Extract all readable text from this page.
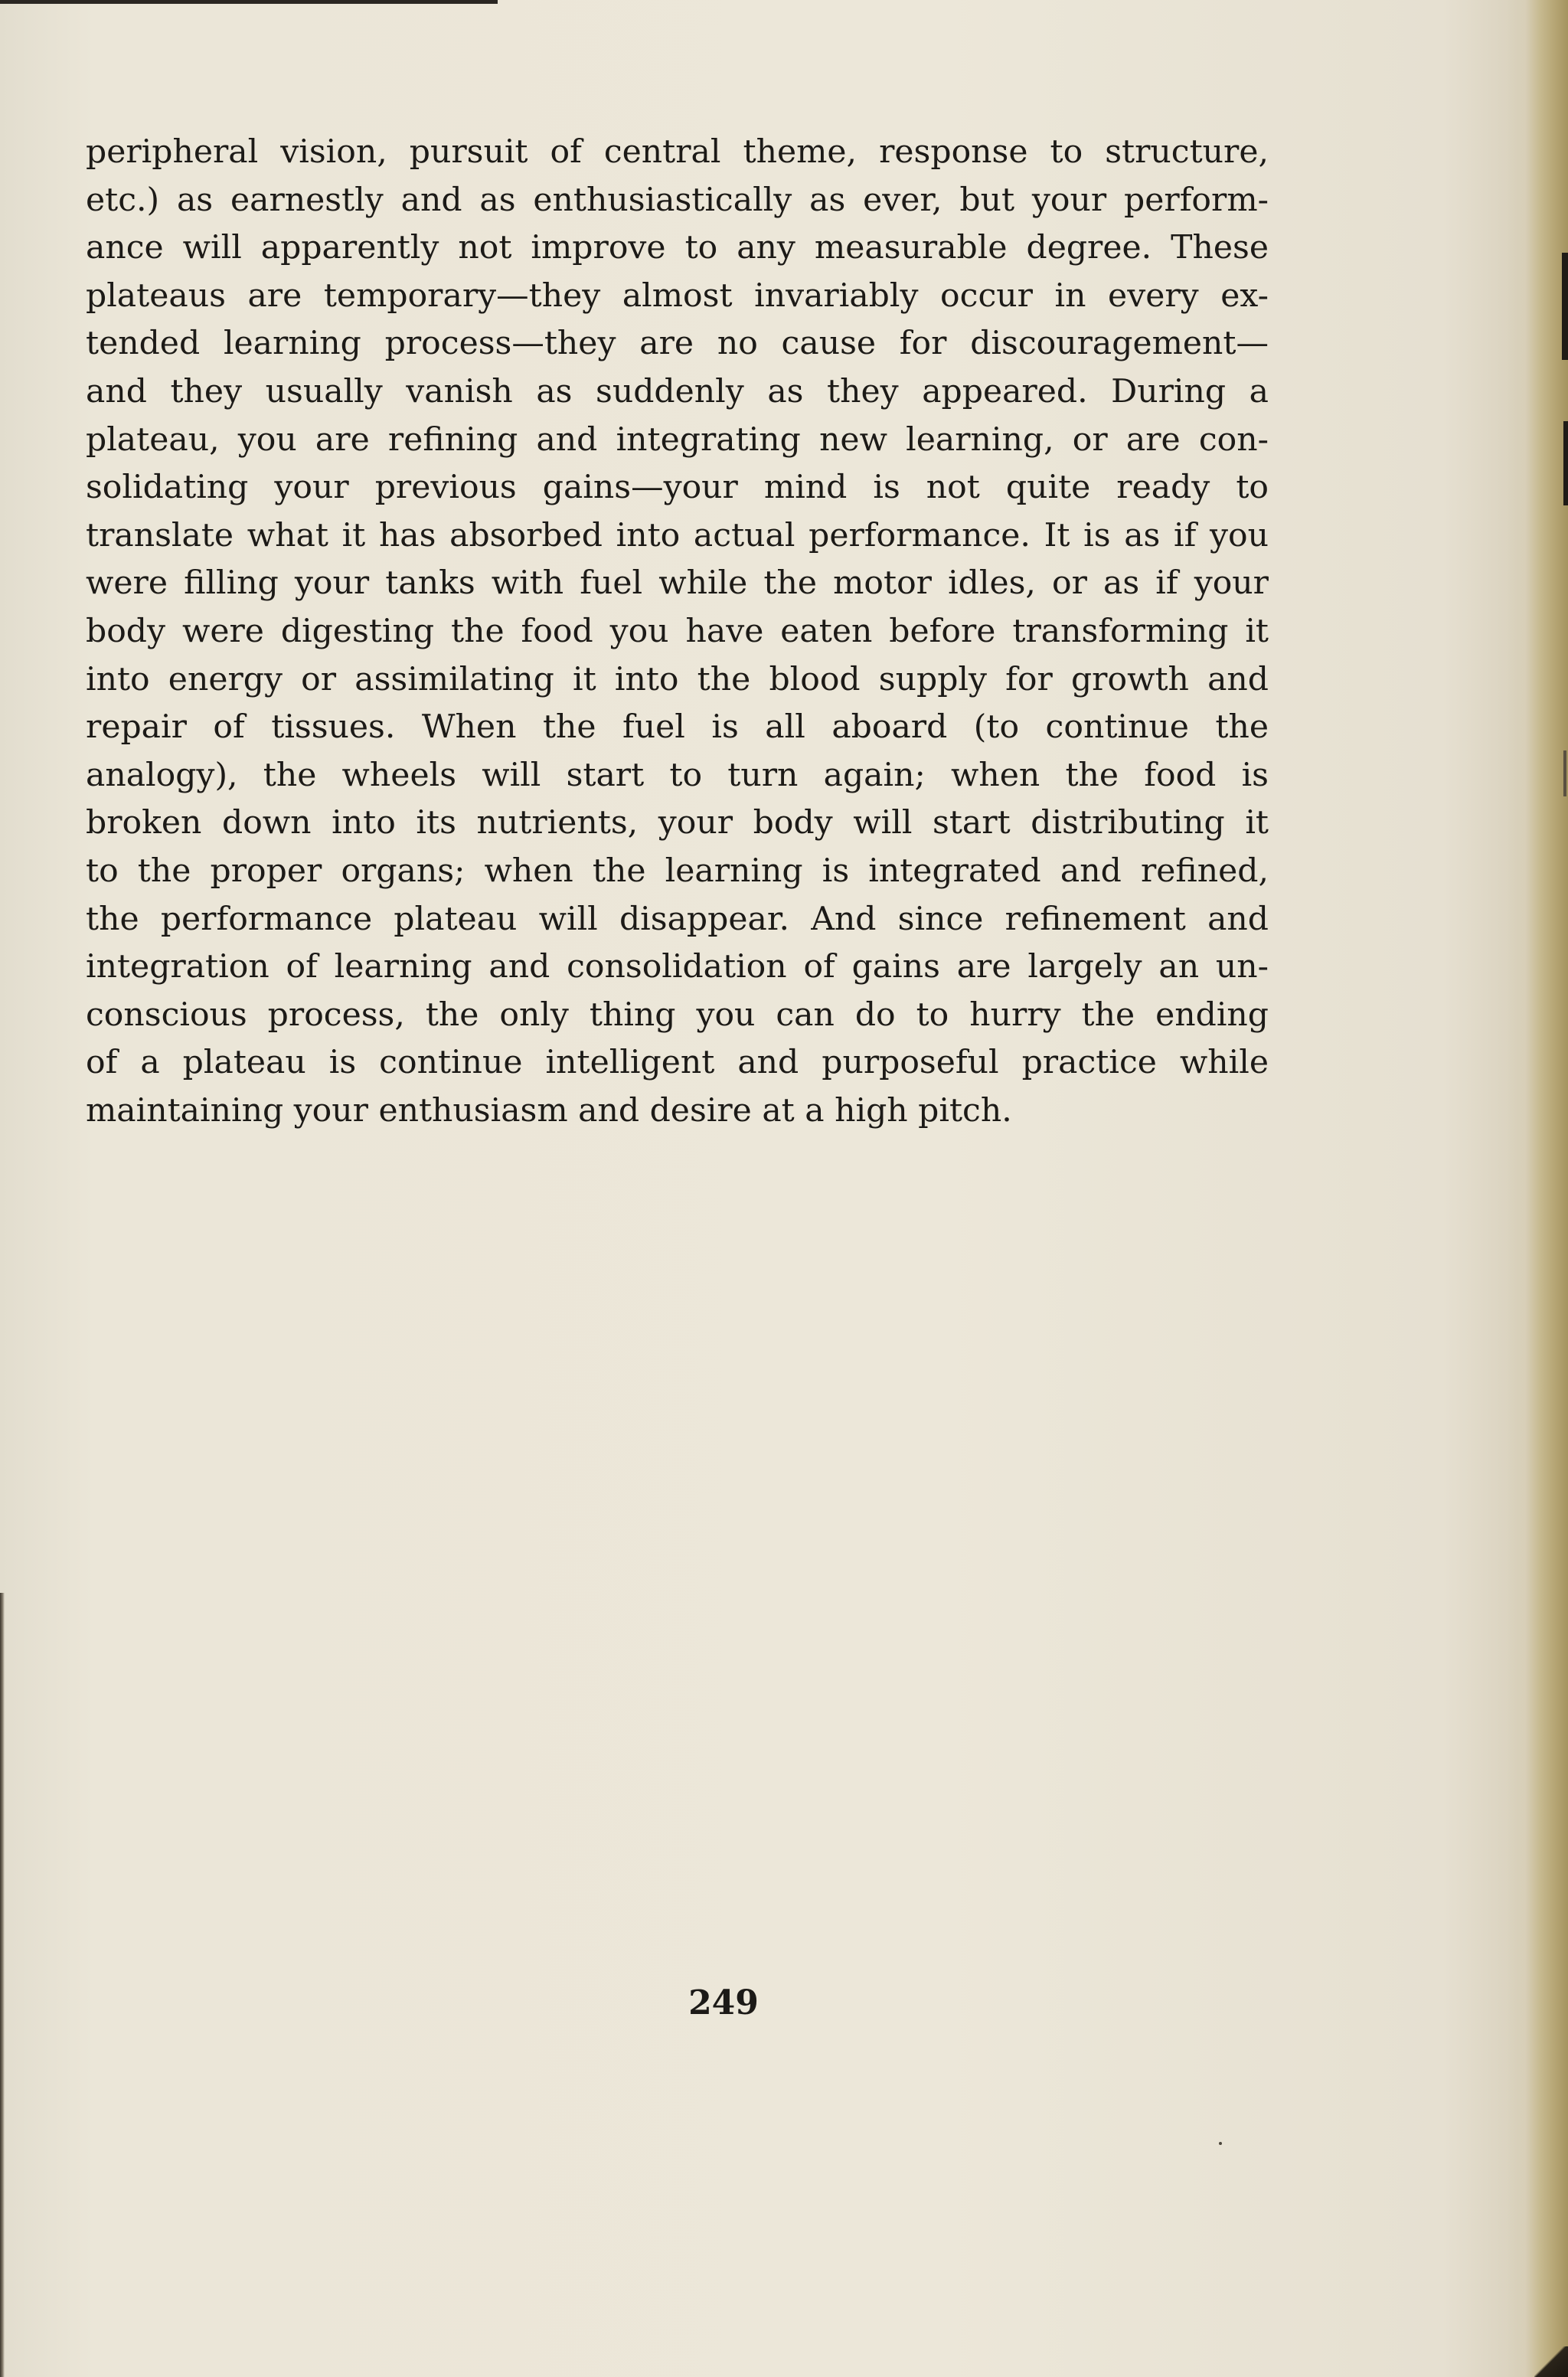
peripheral vision, pursuit of central theme, response to structure,
etc.) as earnestly and as enthusiastically as ever, but your perform-
ance will apparently not improve to any measurable degree. These
plateaus are temporary—they almost invariably occur in every ex-
tended learning process—they are no cause for discouragement—
and they usually vanish as suddenly as they appeared. During a
plateau, you are refining and integrating new learning, or are con-
solidating your previous gains—your mind is not quite ready to
translate what it has absorbed into actual performance. It is as if you
were filling your tanks with fuel while the motor idles, or as if your
body were digesting the food you have eaten before transforming it
into energy or assimilating it into the blood supply for growth and
repair of tissues. When the fuel is all aboard (to continue the
analogy), the wheels will start to turn again; when the food is
broken down into its nutrients, your body will start distributing it
to the proper organs; when the learning is integrated and refined,
the performance plateau will disappear. And since refinement and
integration of learning and consolidation of gains are largely an un-
conscious process, the only thing you can do to hurry the ending
of a plateau is continue intelligent and purposeful practice while
maintaining your enthusiasm and desire at a high pitch.

249
